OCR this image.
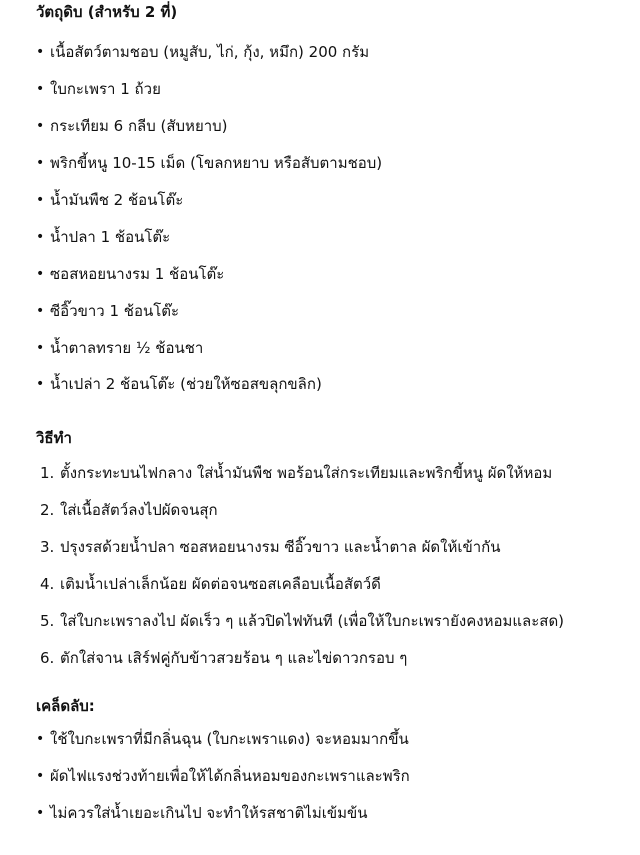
วัตถุดิบ (สำหรับ 2 ที่)
• เนื้อสัตว์ตามชอบ (หมูสับ, ไก่, กุ้ง, หมึก) 200 กรัม
• ใบกะเพรา 1 ถ้วย
• กระเทียม 6 กลีบ (สับหยาบ)
• พริกขี้หนู 10-15 เม็ด (โขลกหยาบ หรือสับตามชอบ)
• น้ำมันพืช 2 ช้อนโต๊ะ
• น้ำปลา 1 ช้อนโต๊ะ
• ซอสหอยนางรม 1 ช้อนโต๊ะ
• ซีอิ๊วขาว 1 ช้อนโต๊ะ
• น้ำตาลทราย ½ ช้อนชา
• น้ำเปล่า 2 ช้อนโต๊ะ (ช่วยให้ซอสขลุกขลิก)
วิธีทำ
1. ตั้งกระทะบนไฟกลาง ใส่น้ำมันพืช พอร้อนใส่กระเทียมและพริกขี้หนู ผัดให้หอม
2. ใส่เนื้อสัตว์ลงไปผัดจนสุก
3. ปรุงรสด้วยน้ำปลา ซอสหอยนางรม ซีอิ๊วขาว และน้ำตาล ผัดให้เข้ากัน
4. เติมน้ำเปล่าเล็กน้อย ผัดต่อจนซอสเคลือบเนื้อสัตว์ดี
5. ใส่ใบกะเพราลงไป ผัดเร็ว ๆ แล้วปิดไฟทันที (เพื่อให้ใบกะเพรายังคงหอมและสด)
6. ตักใส่จาน เสิร์ฟคู่กับข้าวสวยร้อน ๆ และไข่ดาวกรอบ ๆ
เคล็ดลับ:
• ใช้ใบกะเพราที่มีกลิ่นฉุน (ใบกะเพราแดง) จะหอมมากขึ้น
• ผัดไฟแรงช่วงท้ายเพื่อให้ได้กลิ่นหอมของกะเพราและพริก
• ไม่ควรใส่น้ำเยอะเกินไป จะทำให้รสชาติไม่เข้มข้น
